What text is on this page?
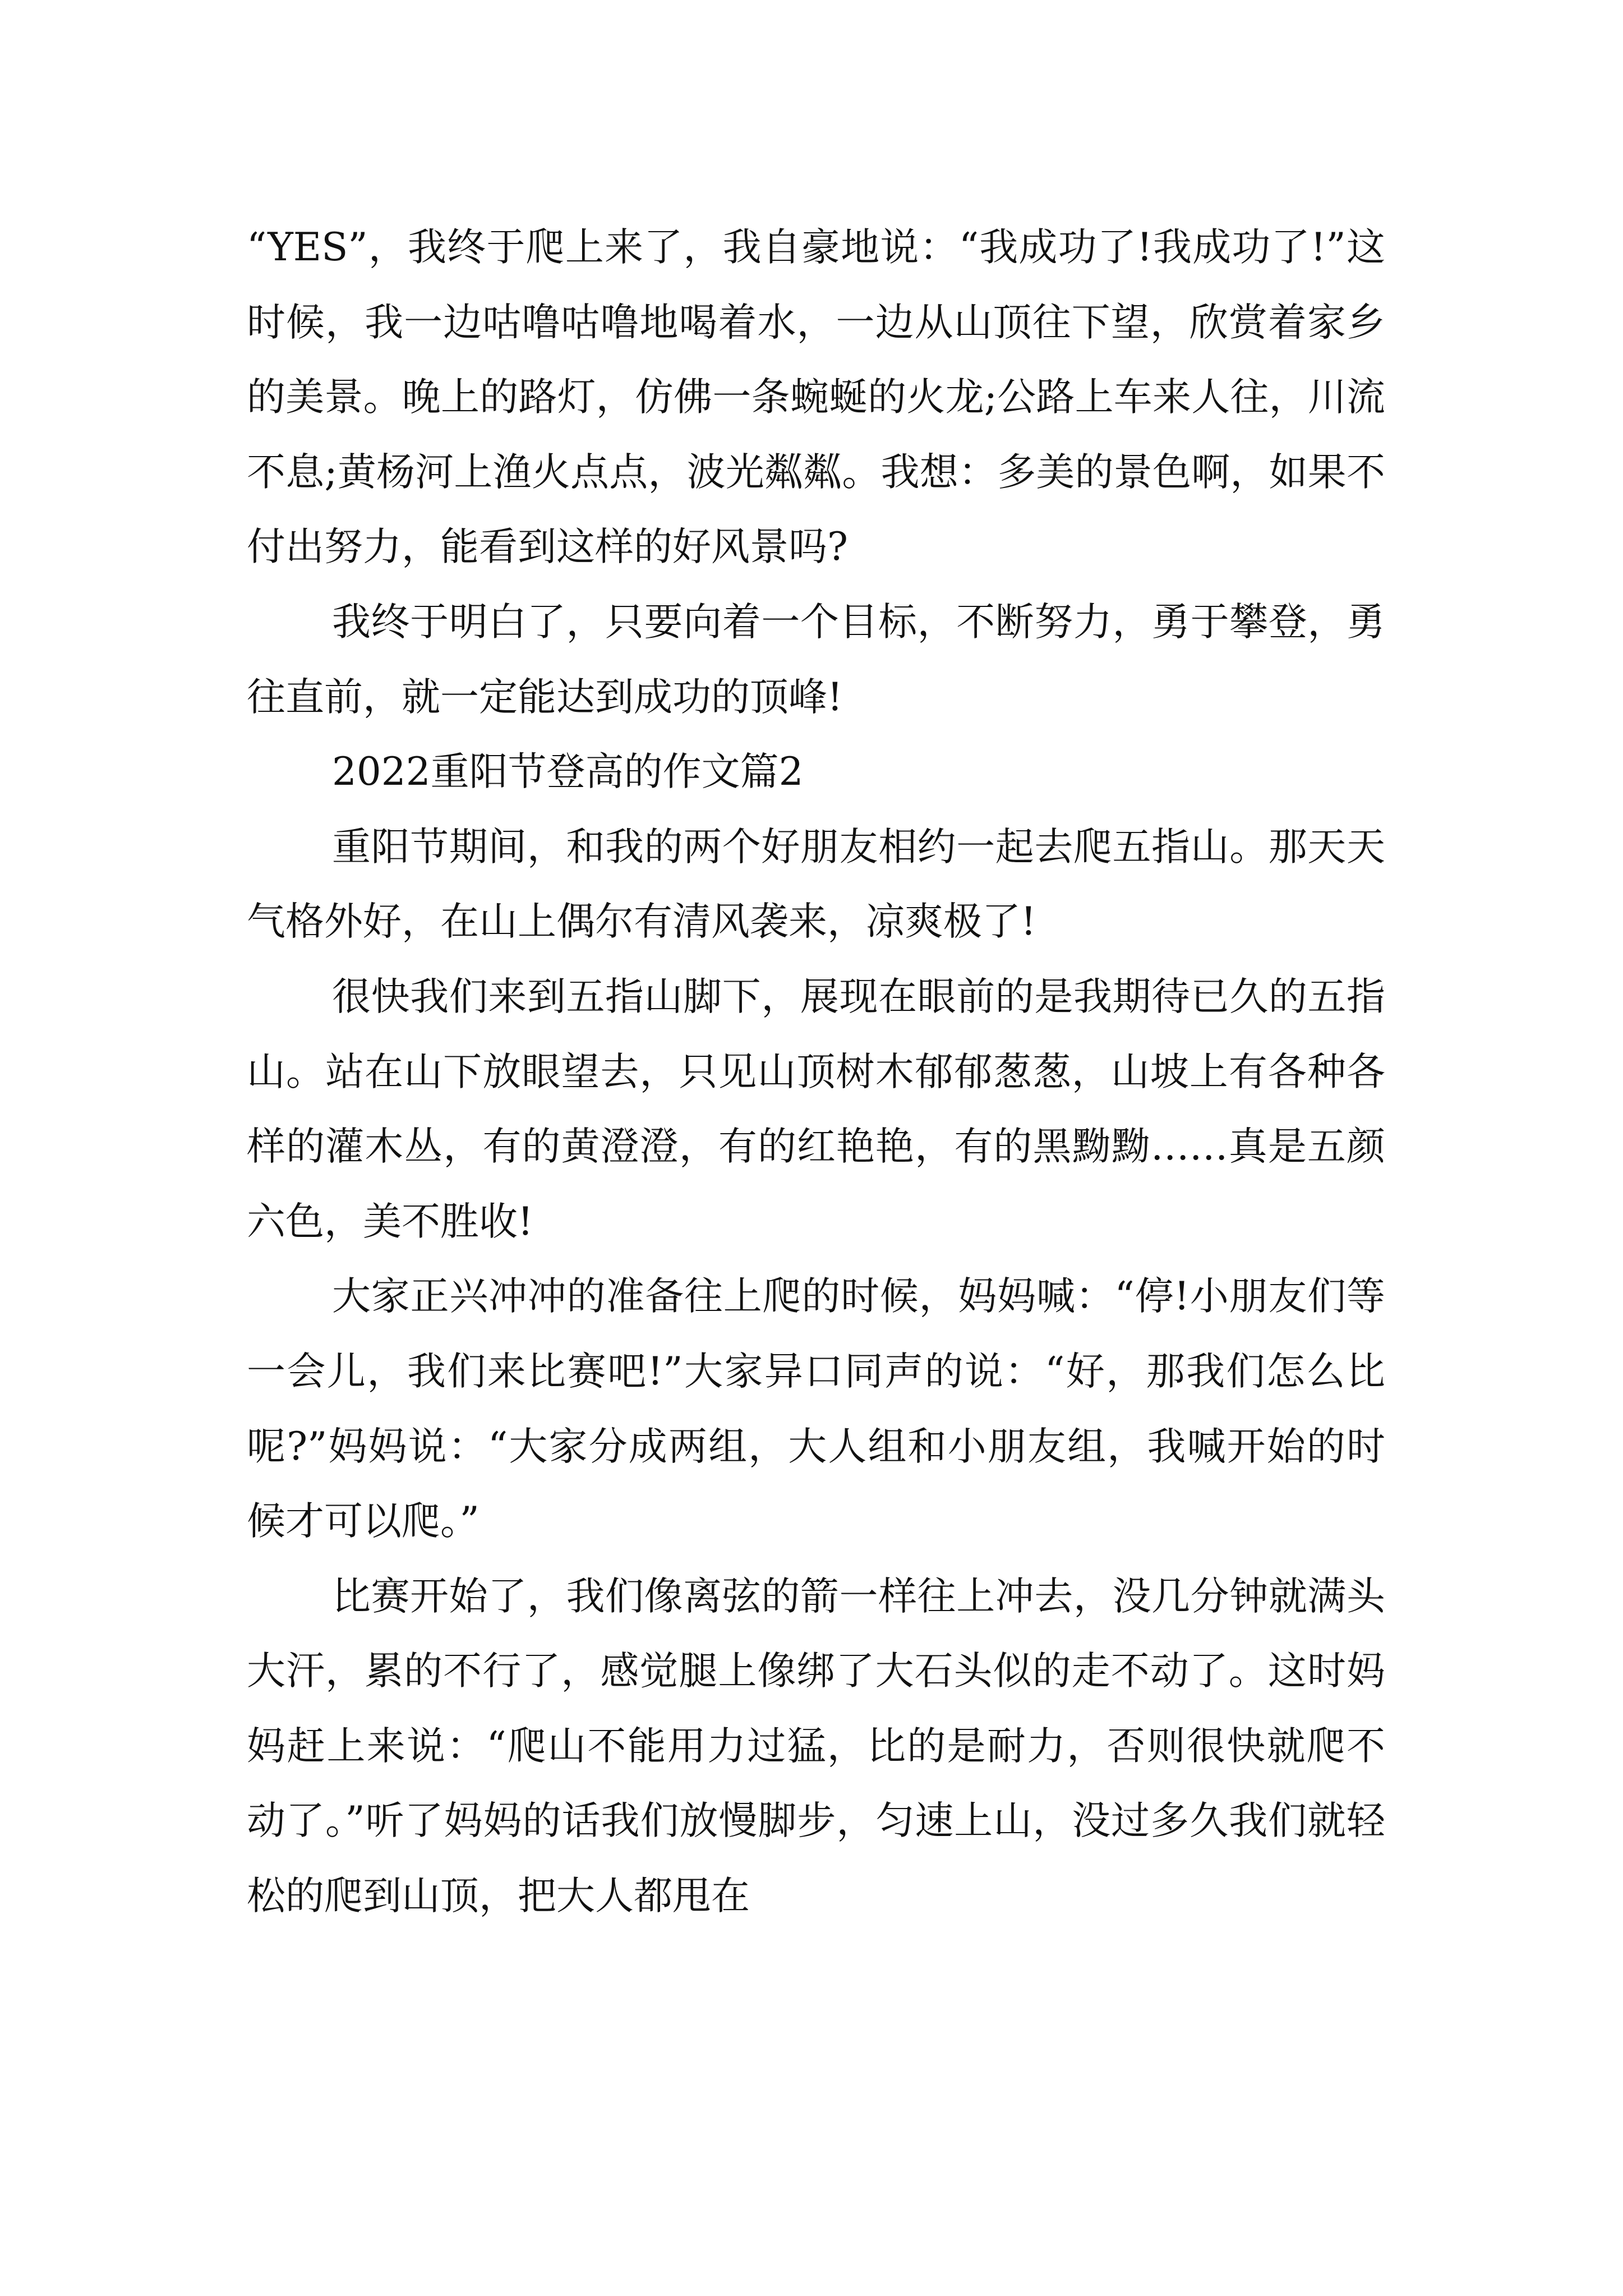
“YES”，我终于爬上来了，我自豪地说：“我成功了!我成功了!”这时候，我一边咕噜咕噜地喝着水，一边从山顶往下望，欣赏着家乡的美景。晚上的路灯，仿佛一条蜿蜒的火龙;公路上车来人往，川流不息;黄杨河上渔火点点，波光粼粼。我想：多美的景色啊，如果不付出努力，能看到这样的好风景吗?

我终于明白了，只要向着一个目标，不断努力，勇于攀登，勇往直前，就一定能达到成功的顶峰!

2022重阳节登高的作文篇2

重阳节期间，和我的两个好朋友相约一起去爬五指山。那天天气格外好，在山上偶尔有清风袭来，凉爽极了!

很快我们来到五指山脚下，展现在眼前的是我期待已久的五指山。站在山下放眼望去，只见山顶树木郁郁葱葱，山坡上有各种各样的灌木丛，有的黄澄澄，有的红艳艳，有的黑黝黝……真是五颜六色，美不胜收!

大家正兴冲冲的准备往上爬的时候，妈妈喊：“停!小朋友们等一会儿，我们来比赛吧!”大家异口同声的说：“好，那我们怎么比呢?”妈妈说：“大家分成两组，大人组和小朋友组，我喊开始的时候才可以爬。”

比赛开始了，我们像离弦的箭一样往上冲去，没几分钟就满头大汗，累的不行了，感觉腿上像绑了大石头似的走不动了。这时妈妈赶上来说：“爬山不能用力过猛，比的是耐力，否则很快就爬不动了。”听了妈妈的话我们放慢脚步，匀速上山，没过多久我们就轻松的爬到山顶，把大人都甩在
